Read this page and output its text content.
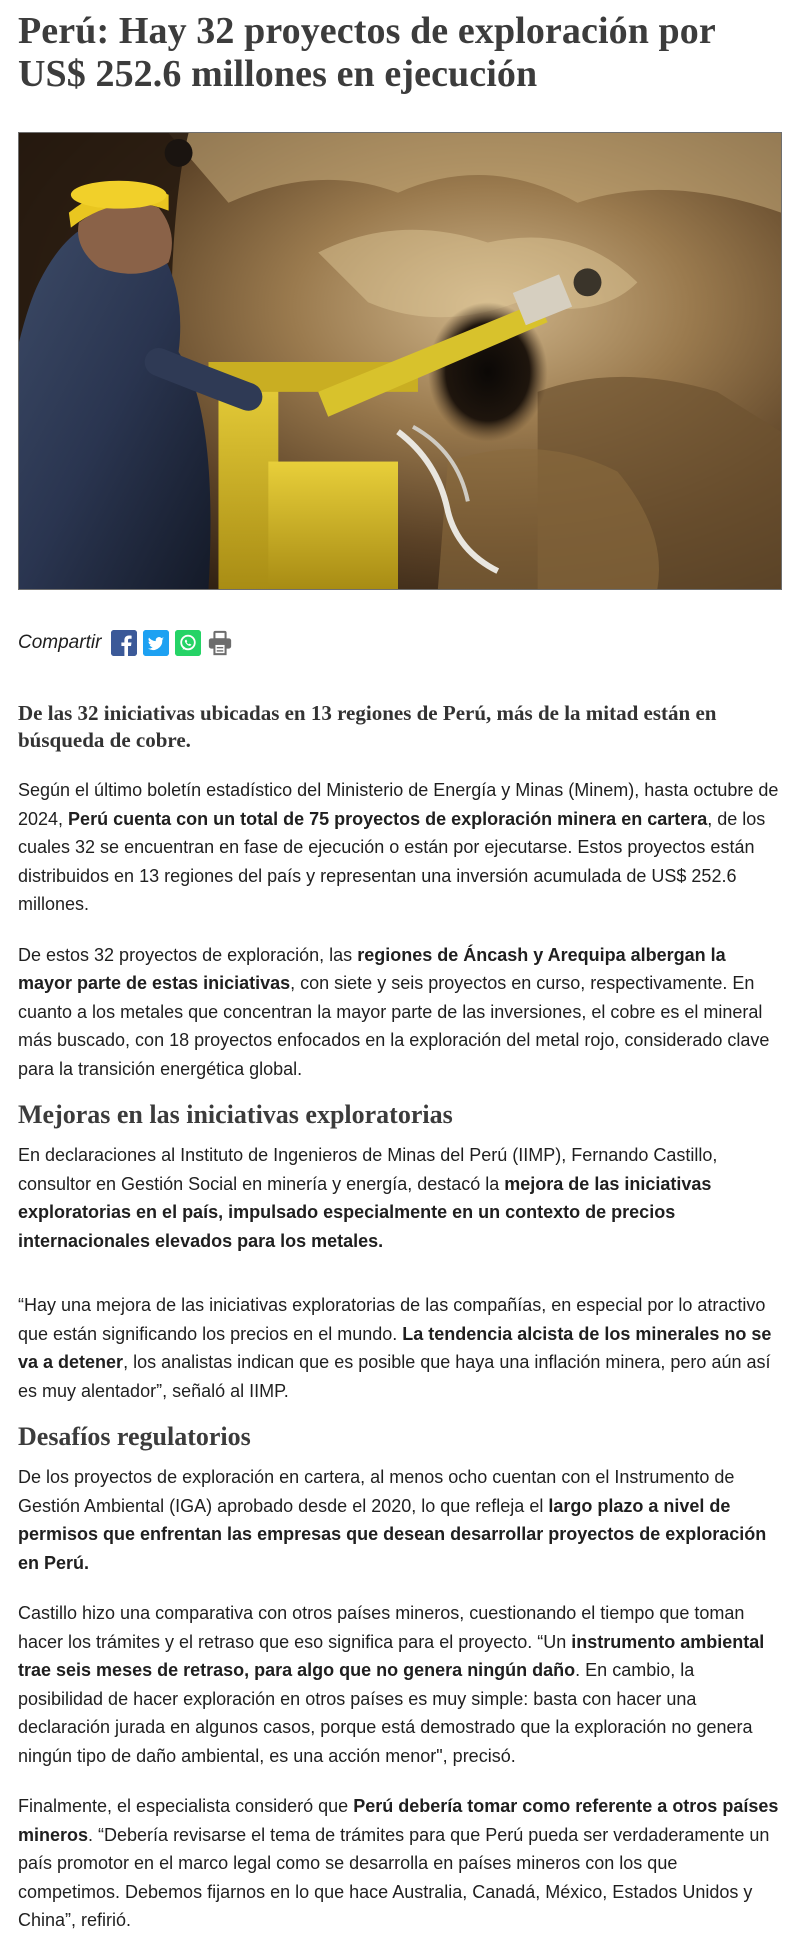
Perú: Hay 32 proyectos de exploración por US$ 252.6 millones en ejecución
Compartir

De las 32 iniciativas ubicadas en 13 regiones de Perú, más de la mitad están en búsqueda de cobre.

Según el último boletín estadístico del Ministerio de Energía y Minas (Minem), hasta octubre de 2024, Perú cuenta con un total de 75 proyectos de exploración minera en cartera, de los cuales 32 se encuentran en fase de ejecución o están por ejecutarse. Estos proyectos están distribuidos en 13 regiones del país y representan una inversión acumulada de US$ 252.6 millones.

De estos 32 proyectos de exploración, las regiones de Áncash y Arequipa albergan la mayor parte de estas iniciativas, con siete y seis proyectos en curso, respectivamente. En cuanto a los metales que concentran la mayor parte de las inversiones, el cobre es el mineral más buscado, con 18 proyectos enfocados en la exploración del metal rojo, considerado clave para la transición energética global.

Mejoras en las iniciativas exploratorias

En declaraciones al Instituto de Ingenieros de Minas del Perú (IIMP), Fernando Castillo, consultor en Gestión Social en minería y energía, destacó la mejora de las iniciativas exploratorias en el país, impulsado especialmente en un contexto de precios internacionales elevados para los metales.

“Hay una mejora de las iniciativas exploratorias de las compañías, en especial por lo atractivo que están significando los precios en el mundo. La tendencia alcista de los minerales no se va a detener, los analistas indican que es posible que haya una inflación minera, pero aún así es muy alentador”, señaló al IIMP.

Desafíos regulatorios

De los proyectos de exploración en cartera, al menos ocho cuentan con el Instrumento de Gestión Ambiental (IGA) aprobado desde el 2020, lo que refleja el largo plazo a nivel de permisos que enfrentan las empresas que desean desarrollar proyectos de exploración en Perú.

Castillo hizo una comparativa con otros países mineros, cuestionando el tiempo que toman hacer los trámites y el retraso que eso significa para el proyecto. “Un instrumento ambiental trae seis meses de retraso, para algo que no genera ningún daño. En cambio, la posibilidad de hacer exploración en otros países es muy simple: basta con hacer una declaración jurada en algunos casos, porque está demostrado que la exploración no genera ningún tipo de daño ambiental, es una acción menor", precisó.

Finalmente, el especialista consideró que Perú debería tomar como referente a otros países mineros. “Debería revisarse el tema de trámites para que Perú pueda ser verdaderamente un país promotor en el marco legal como se desarrolla en países mineros con los que competimos. Debemos fijarnos en lo que hace Australia, Canadá, México, Estados Unidos y China”, refirió.
